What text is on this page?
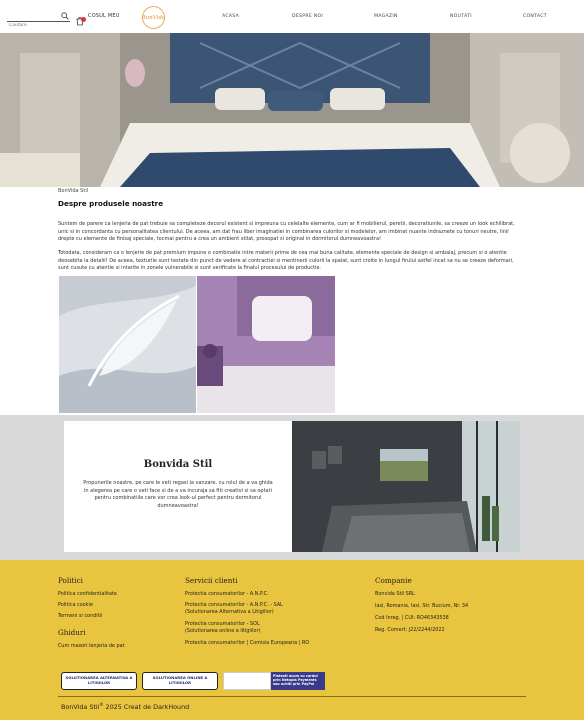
Cautare
COSUL MEU	BonVida	ACASA	DESPRE NOI	MAGAZIN	NOUTATI	CONTACT
BonVida Stil
Despre produsele noastre

Suntem de parere ca lenjeria de pat trebuie sa completeze decorul existent si impreuna cu celelalte elemente, cum ar fi mobilierul, peretii, decoratiunile, sa creeze un look echilibrat, unic si in concordanta cu personalitatea clientului. De aceea, am dat frau liber imaginatiei in combinarea culorilor si modelelor, am imbinat nuante indraznete cu tonuri neutre, linii drepte cu elemente de finisaj speciale, tocmai pentru a crea un ambient stilat, prosopat si original in dormitorul dumneavoastra!

Totodata, consideram ca o lenjerie de pat premium impune o combinatie intre materii prime de cea mai buna calitate, elemente speciale de design si ambalaj, precum si o atentie deosebita la detalii! De aceea, texturile sunt testate din punct de vedere al contractiei si mentinerii culorii la spalat, sunt croite in lungul firului astfel incat sa nu se creeze deformari, sunt cusute cu atentie si intarite in zonele vulnerabile si sunt verificate la finalul procesului de productie.

Bonvida Stil

Propunerile noastre, pe care le veti regasi la vanzare, cu rolul de a va ghida in alegerea pe care o veti face si de a va incuraja sa fiti creativi si sa optati pentru combinatiile care vor crea look-ul perfect pentru dormitorul dumneavoastra!

Politici
Politica confidentialitate
Politica cookie
Termeni si conditii
Ghiduri
Cum masori lenjeria de pat
Servicii clienti
Protectia consumatorilor - A.N.P.C.
Protectia consumatorilor - A.N.P.C. - SAL
(Solutionarea Alternativa a Litigiilor)
Protectia consumatorilor - SOL
(Solutionarea online a litigiilor)
Protectia consumatorilor | Comisia Europeana | RO
Companie
Bonvida Stil SRL
Iasi, Romania, Iasi, Str. Bucium, Nr. 34
Cod Inreg. | CUI: RO46343538
Reg. Comert: J22/2244/2022
SOLUTIONAREA ALTERNATIVA A LITIGIILOR
SOLUTIONAREA ONLINE A LITIGIILOR
Platesti acum cu cardul prin Netopia Payments sau achiti prin PayPal
BonVida Stil® 2025 Creat de DarkHound
